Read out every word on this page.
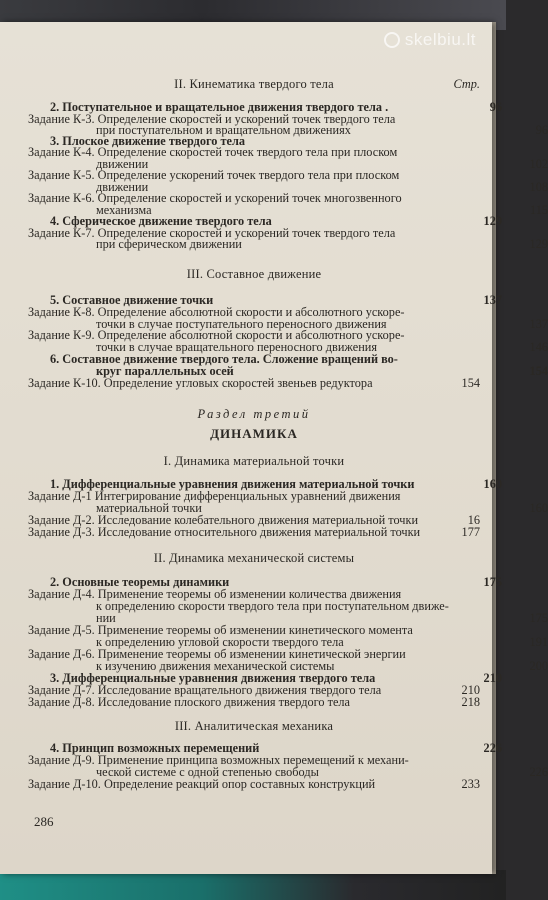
II. Кинематика твердого тела	Стр.
2. Поступательное и вращательное движения твердого тела .	96
Задание К-3. Определение скоростей и ускорений точек твердого тела
при поступательном и вращательном движениях	96
3. Плоское движение твердого тела
Задание К-4. Определение скоростей точек твердого тела при плоском
движении	102
Задание К-5. Определение ускорений точек твердого тела при плоском
движении	108
Задание К-6. Определение скоростей и ускорений точек многозвенного
механизма	115
4. Сферическое движение твердого тела	129
Задание К-7. Определение скоростей и ускорений точек твердого тела
при сферическом движении	129
III. Составное движение
5. Составное движение точки	137
Задание К-8. Определение абсолютной скорости и абсолютного ускоре-
точки в случае поступательного переносного движения	137
Задание К-9. Определение абсолютной скорости и абсолютного ускоре-
точки в случае вращательного переносного движения	146
6. Составное движение твердого тела. Сложение вращений во-
круг параллельных осей	154
Задание К-10. Определение угловых скоростей звеньев редуктора	154
Раздел третий
ДИНАМИКА
I. Динамика материальной точки
1. Дифференциальные уравнения движения материальной точки	160
Задание Д-1 Интегрирование дифференциальных уравнений движения
материальной точки	160
Задание Д-2. Исследование колебательного движения материальной точки	16
Задание Д-3. Исследование относительного движения материальной точки	177
II. Динамика механической системы
2. Основные теоремы динамики	175
Задание Д-4. Применение теоремы об изменении количества движения
к определению скорости твердого тела при поступательном движе-
нии	175
Задание Д-5. Применение теоремы об изменении кинетического момента
к определению угловой скорости твердого тела	191
Задание Д-6. Применение теоремы об изменении кинетической энергии
к изучению движения механической системы	200
3. Дифференциальные уравнения движения твердого тела	210
Задание Д-7. Исследование вращательного движения твердого тела	210
Задание Д-8. Исследование плоского движения твердого тела	218
III. Аналитическая механика
4. Принцип возможных перемещений	226
Задание Д-9. Применение принципа возможных перемещений к механи-
ческой системе с одной степенью свободы	226
Задание Д-10. Определение реакций опор составных конструкций	233
286
skelbiu.lt
